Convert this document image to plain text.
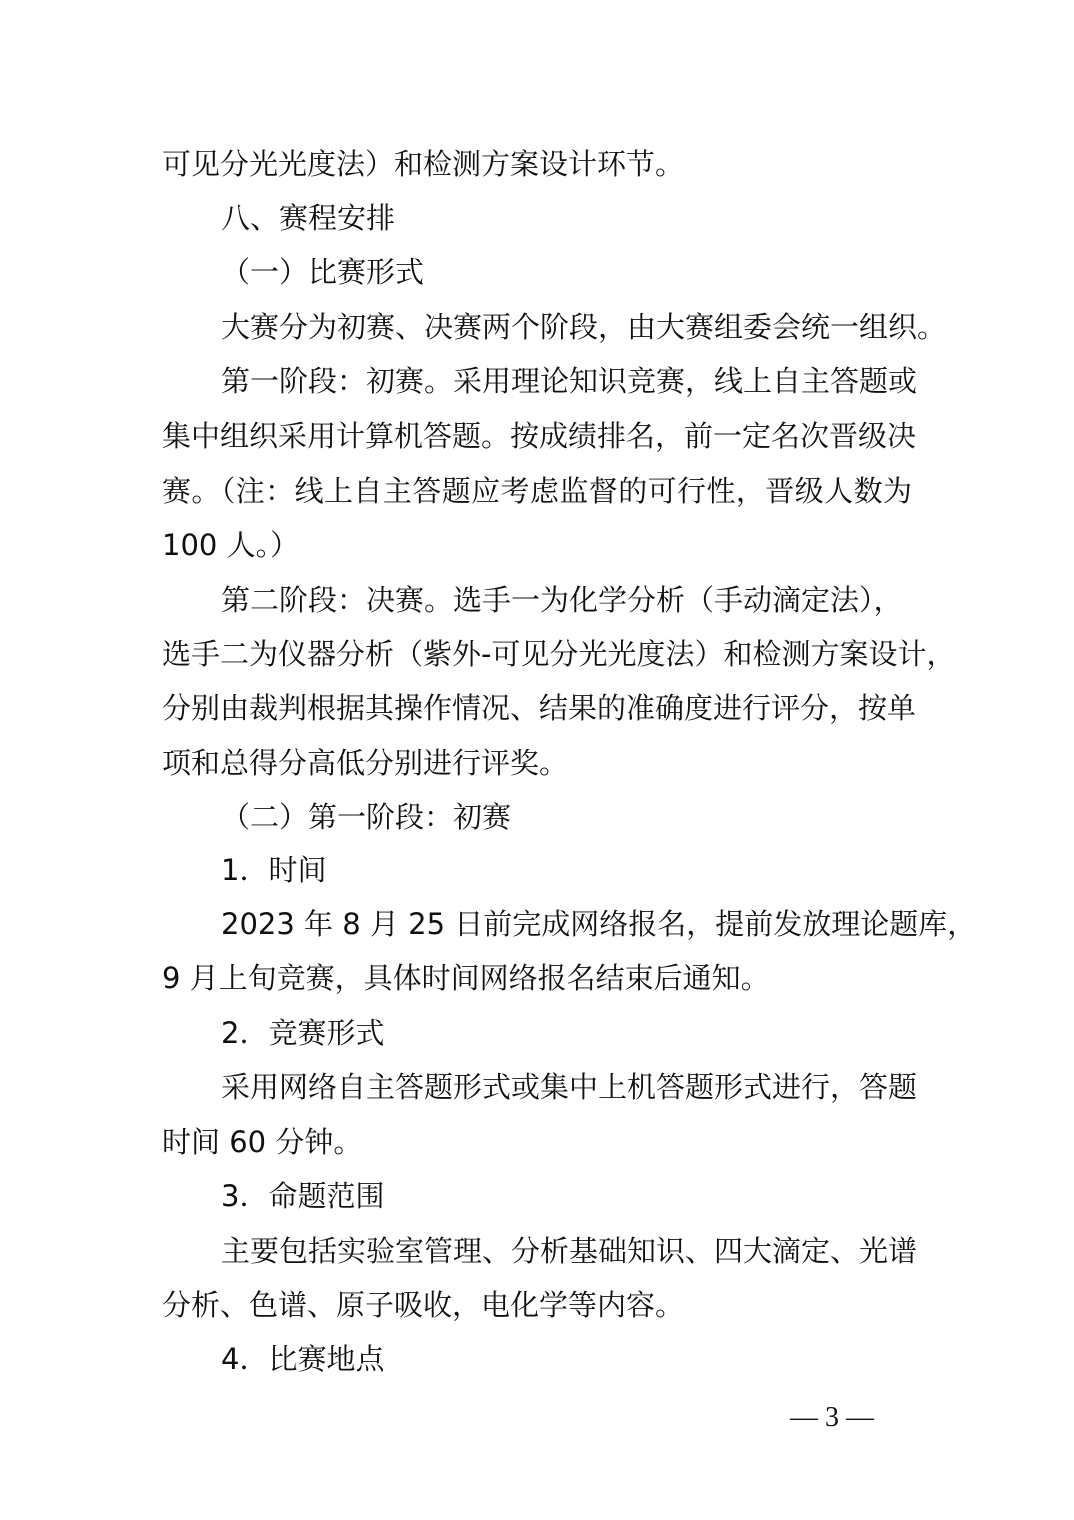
可见分光光度法）和检测方案设计环节。
八、赛程安排
（一）比赛形式
大赛分为初赛、决赛两个阶段，由大赛组委会统一组织。
第一阶段：初赛。采用理论知识竞赛，线上自主答题或
集中组织采用计算机答题。按成绩排名，前一定名次晋级决
赛。（注：线上自主答题应考虑监督的可行性，晋级人数为
100 人。）
第二阶段：决赛。选手一为化学分析（手动滴定法），
选手二为仪器分析（紫外-可见分光光度法）和检测方案设计，
分别由裁判根据其操作情况、结果的准确度进行评分，按单
项和总得分高低分别进行评奖。
（二）第一阶段：初赛
1．时间
2023 年 8 月 25 日前完成网络报名，提前发放理论题库，
9 月上旬竞赛，具体时间网络报名结束后通知。
2．竞赛形式
采用网络自主答题形式或集中上机答题形式进行，答题
时间 60 分钟。
3．命题范围
主要包括实验室管理、分析基础知识、四大滴定、光谱
分析、色谱、原子吸收，电化学等内容。
4．比赛地点
— 3 —
